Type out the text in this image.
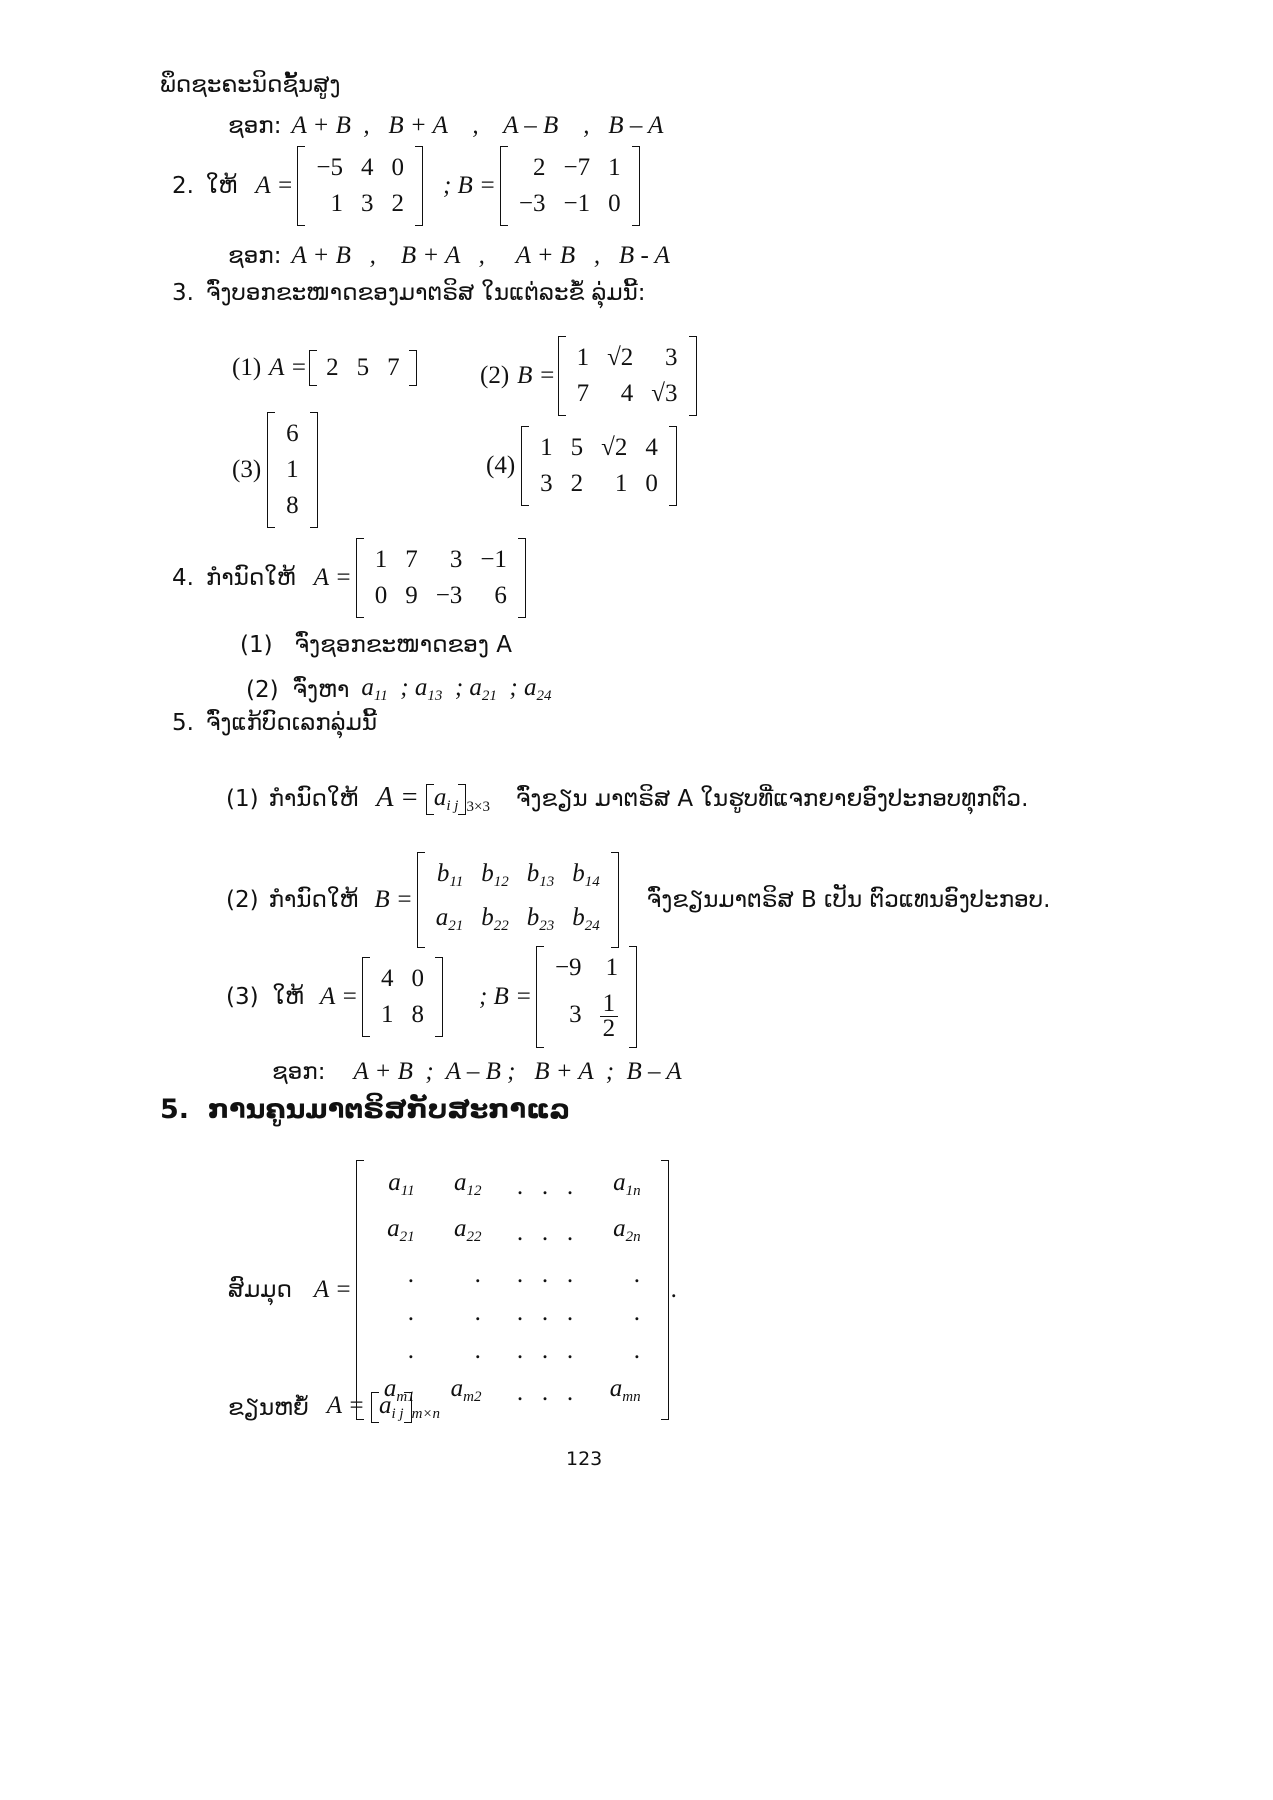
ພຶດຊະຄະນິດຊັ້ນສູງ
ຊອກ: A + B  ,   B + A    ,    A – B    ,   B – A
2. ໃຫ້ A =
−5	4	0
1	3	2
; B =
2	−7	1
−3	−1	0
ຊອກ: A + B   ,    B + A   ,     A + B   ,   B - A
3. ຈົ່ງບອກຂະໜາດຂອງມາຕຣິສ ໃນແຕ່ລະຂໍ້ ລຸ່ມນີ້:
(1) A = 2	5	7	(2) B =
1	√2	3
7	4	√3
(3)
6
1
8
(4)
1	5	√2	4
3	2	1	0
4. ກຳນົດໃຫ້ A =
1	7	3	−1
0	9	−3	6
(1) ຈົ່ງຊອກຂະໜາດຂອງ A
(2) ຈົ່ງຫາ $a_{11}$  ; $a_{13}$  ; $a_{21}$  ; $a_{24}$
5. ຈົ່ງແກ້ບົດເລກລຸ່ມນີ້
(1) ກຳນົດໃຫ້ $A = a_{i j}$ $_{3\times 3}$ ຈົ່ງຂຽນ ມາຕຣິສ A ໃນຮູບທີ່ແຈກຍາຍອົງປະກອບທຸກຕົວ.
(2) ກຳນົດໃຫ້ B =
$b_{11}$	$b_{12}$	$b_{13}$	$b_{14}$
$a_{21}$	$b_{22}$	$b_{23}$	$b_{24}$
ຈົ່ງຂຽນມາຕຣິສ B ເປັນ ຕົວແທນອົງປະກອບ.
(3) ໃຫ້ A =
4	0
1	8
; B =
−9	1
3	$\frac{1}{2}$
ຊອກ: A + B  ;  A – B ;   B + A  ;  B – A
5.  ການຄູນມາຕຣິສກັບສະກາແລ
ສົມມຸດ A =
$a_{11}$	$a_{12}$	.   .   .	$a_{1n}$
$a_{21}$	$a_{22}$	.   .   .	$a_{2n}$
.	.	.   .   .	.
.	.	.   .   .	.
.	.	.   .   .	.
$a_{m1}$	$a_{m2}$	.   .   .	$a_{mn}$
.
ຂຽນຫຍໍ້ $A = a_{i j}$ $_{m\times n}$
123
